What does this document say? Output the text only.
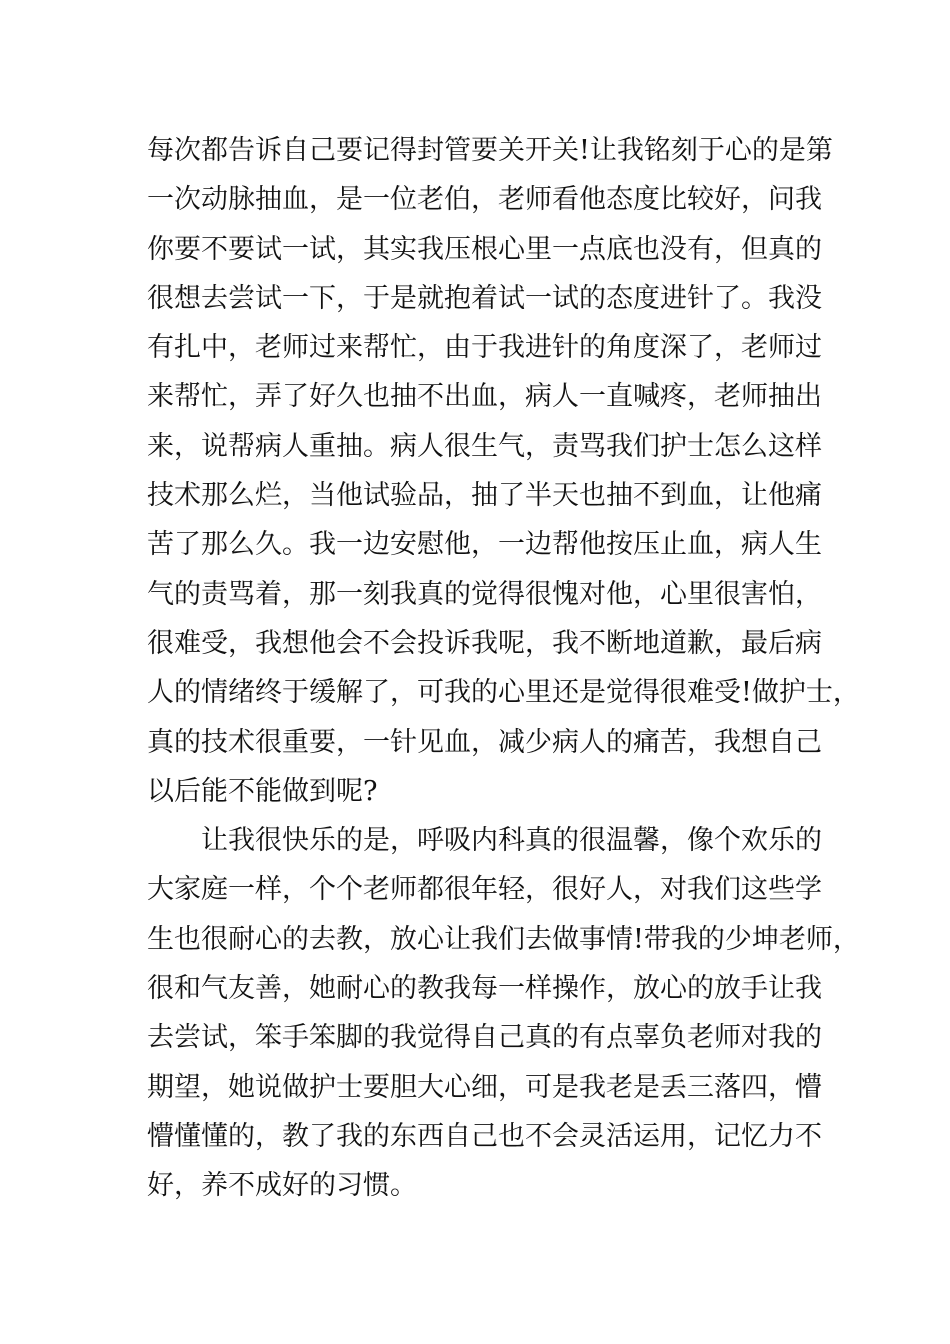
每次都告诉自己要记得封管要关开关!让我铭刻于心的是第
一次动脉抽血，是一位老伯，老师看他态度比较好，问我
你要不要试一试，其实我压根心里一点底也没有，但真的
很想去尝试一下，于是就抱着试一试的态度进针了。我没
有扎中，老师过来帮忙，由于我进针的角度深了，老师过
来帮忙，弄了好久也抽不出血，病人一直喊疼，老师抽出
来，说帮病人重抽。病人很生气，责骂我们护士怎么这样
技术那么烂，当他试验品，抽了半天也抽不到血，让他痛
苦了那么久。我一边安慰他，一边帮他按压止血，病人生
气的责骂着，那一刻我真的觉得很愧对他，心里很害怕，
很难受，我想他会不会投诉我呢，我不断地道歉，最后病
人的情绪终于缓解了，可我的心里还是觉得很难受!做护士，
真的技术很重要，一针见血，减少病人的痛苦，我想自己
以后能不能做到呢?
让我很快乐的是，呼吸内科真的很温馨，像个欢乐的
大家庭一样，个个老师都很年轻，很好人，对我们这些学
生也很耐心的去教，放心让我们去做事情!带我的少坤老师，
很和气友善，她耐心的教我每一样操作，放心的放手让我
去尝试，笨手笨脚的我觉得自己真的有点辜负老师对我的
期望，她说做护士要胆大心细，可是我老是丢三落四，懵
懵懂懂的，教了我的东西自己也不会灵活运用，记忆力不
好，养不成好的习惯。
